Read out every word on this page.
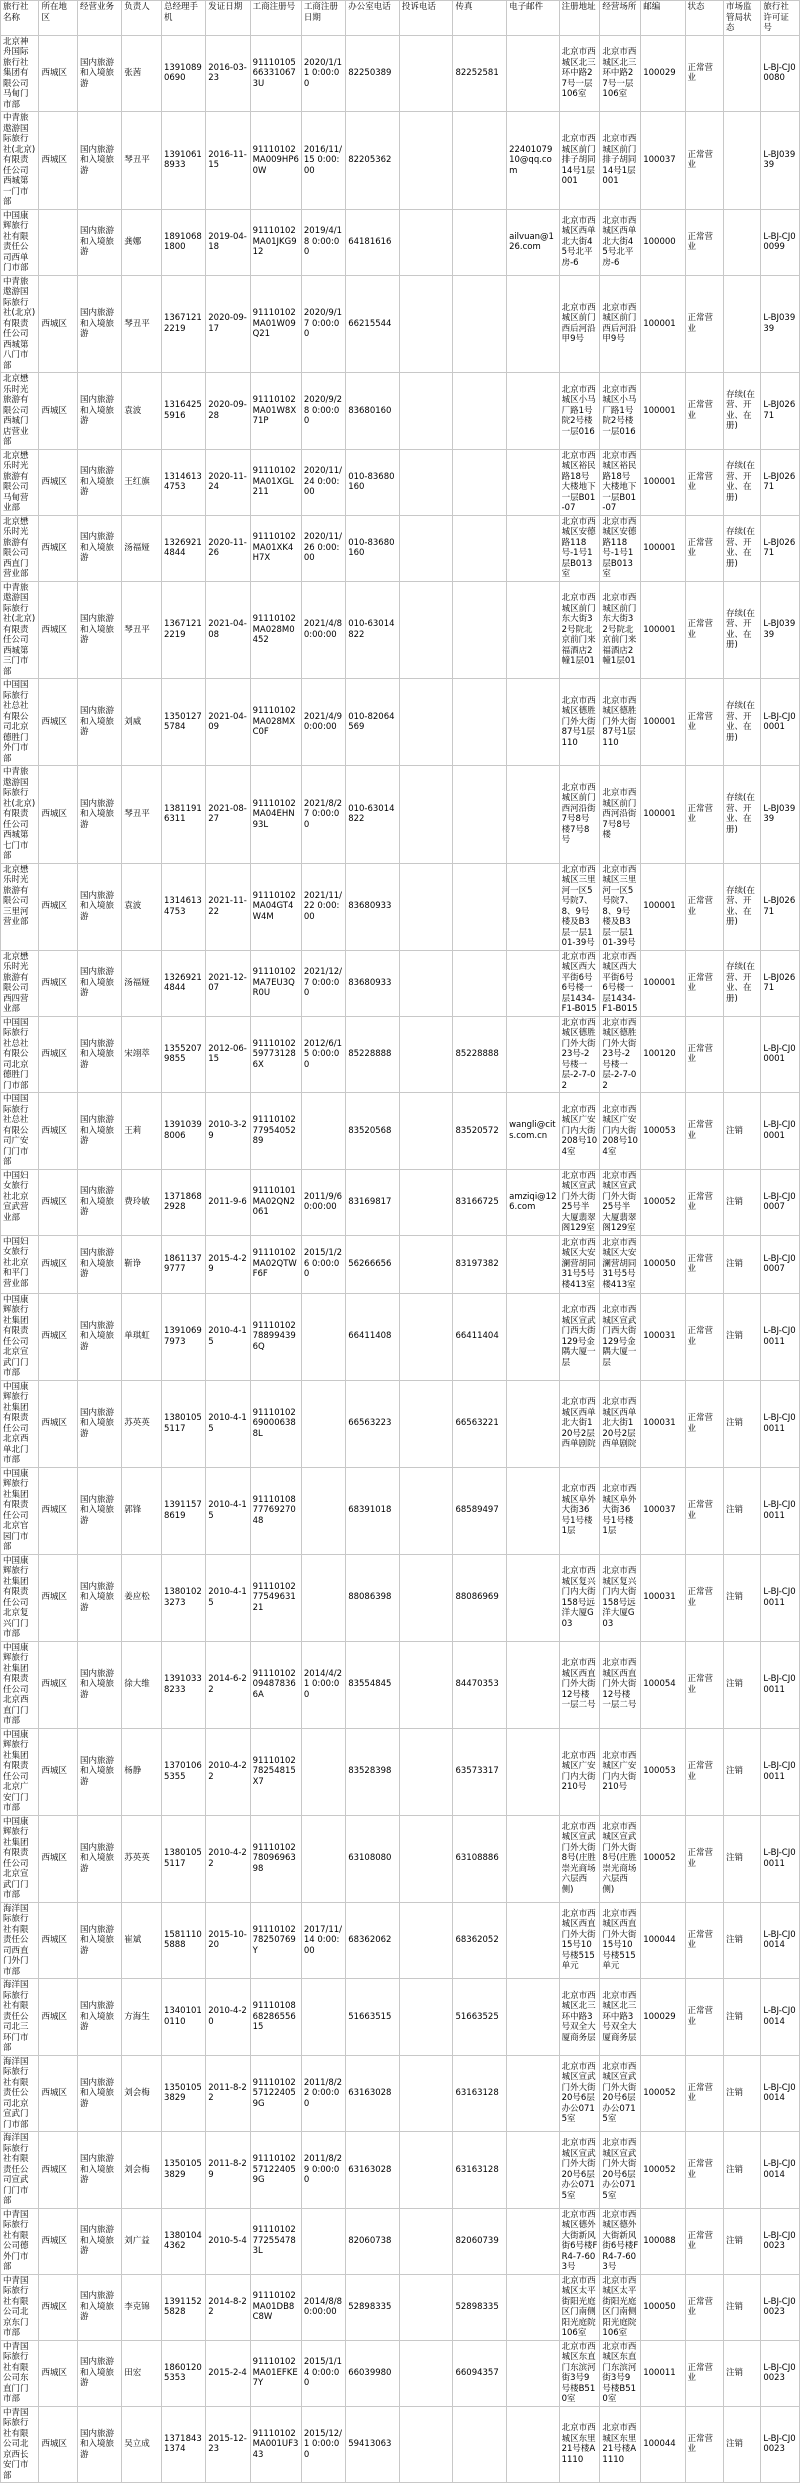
旅行社名称	所在地区	经营业务	负责人	总经理手机	发证日期	工商注册号	工商注册日期	办公室电话	投诉电话	传真	电子邮件	注册地址	经营场所	邮编	状态	市场监管局状态	旅行社许可证号
北京神舟国际旅行社集团有限公司马甸门市部	西城区	国内旅游和入境旅游	张茜	13910890690	2016-03-23	911101056633106​73U	2020/1/11 0:00:00	82250389		82252581		北京市西城区北三环中路27号一层106室	北京市西城区北三环中路27号一层106室	100029	正常营业		L-BJ-CJ00080
中青旅遨游国际旅行社(北京)有限责任公司西城第一门市部	西城区	国内旅游和入境旅游	琴丑平	13910618933	2016-11-15	91110102MA009HP60W	2016/11/15 0:00:00	82205362			2240107​910@qq.com	北京市西城区前门排子胡同14号1层001	北京市西城区前门排子胡同14号1层001	100037	正常营业		L-BJ03939
中国康辉旅行社有限责任公司西单门市部		国内旅游和入境旅游	龚娜	18910681800	2019-04-18	91110102MA01JKG912	2019/4/18 0:00:00	64181616			ailvuan@126.com	北京市西城区西单北大街45号北平房-6	北京市西城区西单北大街45号北平房-6	100000	正常营业		L-BJ-CJ00099
中青旅遨游国际旅行社(北京)有限责任公司西城第八门市部	西城区	国内旅游和入境旅游	琴丑平	13671212219	2020-09-17	91110102MA01W09Q21	2020/9/17 0:00:00	66215544				北京市西城区前门西后河沿甲9号	北京市西城区前门西后河沿甲9号	100001	正常营业		L-BJ03939
北京懋乐时光旅游有限公司西城门店营业部	西城区	国内旅游和入境旅游	袁波	13164255916	2020-09-28	91110102MA01W8X71P	2020/9/28 0:00:00	83680160				北京市西城区小马厂路1号院2号楼一层016	北京市西城区小马厂路1号院2号楼一层016	100001	正常营业	存续(在营、开业、在册)	L-BJ02671
北京懋乐时光旅游有限公司马甸营业部	西城区	国内旅游和入境旅游	王红旗	13146134753	2020-11-24	91110102MA01XGL211	2020/11/24 0:00:00	010-83680160				北京市西城区裕民路18号大楼地下一层B01-07	北京市西城区裕民路18号大楼地下一层B01-07	100001	正常营业	存续(在营、开业、在册)	L-BJ02671
北京懋乐时光旅游有限公司西直门营业部	西城区	国内旅游和入境旅游	汤福娅	13269214844	2020-11-26	91110102MA01XK4H7X	2020/11/26 0:00:00	010-83680160				北京市西城区安德路118号-1号1层B013室	北京市西城区安德路118号-1号1层B013室	100001	正常营业	存续(在营、开业、在册)	L-BJ02671
中青旅遨游国际旅行社(北京)有限责任公司西城第三门市部	西城区	国内旅游和入境旅游	琴丑平	13671212219	2021-04-08	91110102MA028M0452	2021/4/8 0:00:00	010-63014822				北京市西城区前门东大街32号院北京前门来福酒店2幢1层01	北京市西城区前门东大街32号院北京前门来福酒店2幢1层01	100001	正常营业	存续(在营、开业、在册)	L-BJ03939
中国国际旅行社总社有限公司北京德胜门外门市部	西城区	国内旅游和入境旅游	刘威	13501275784	2021-04-09	91110102MA028MXC0F	2021/4/9 0:00:00	010-82064569				北京市西城区德胜门外大街87号1层110	北京市西城区德胜门外大街87号1层110	100001	正常营业	存续(在营、开业、在册)	L-BJ-CJ00001
中青旅遨游国际旅行社(北京)有限责任公司西城第七门市部	西城区	国内旅游和入境旅游	琴丑平	13811916311	2021-08-27	91110102MA04EHN93L	2021/8/27 0:00:00	010-63014822				北京市西城区前门西河沿街7号8号楼7号8号	北京市西城区前门西河沿街7号8号楼	100001	正常营业	存续(在营、开业、在册)	L-BJ03939
北京懋乐时光旅游有限公司三里河营业部	西城区	国内旅游和入境旅游	袁波	13146134753	2021-11-22	91110102MA04GT4W4M	2021/11/22 0:00:00	83680933				北京市西城区三里河一区5号院7、8、9号楼及B3层一层101-39号	北京市西城区三里河一区5号院7、8、9号楼及B3层一层101-39号	100001	正常营业	存续(在营、开业、在册)	L-BJ02671
北京懋乐时光旅游有限公司西四营业部	西城区	国内旅游和入境旅游	汤福娅	13269214844	2021-12-07	91110102MA7EU3QR0U	2021/12/7 0:00:00	83680933				北京市西城区西大平街6号6号楼一层1434-F1-B015	北京市西城区西大平街6号6号楼一层1434-F1-B015	100001	正常营业	存续(在营、开业、在册)	L-BJ02671
中国国际旅行社总社有限公司北京德胜门门市部	西城区	国内旅游和入境旅游	宋翊萃	13552079855	2012-06-15	91110102597731286X	2012/6/15 0:00:00	85228888		85228888		北京市西城区德胜门外大街23号-2号楼一层-2-7-02	北京市西城区德胜门外大街23号-2号楼一层-2-7-02	100120	正常营业		L-BJ-CJ00001
中国国际旅行社总社有限公司广安门门市部	西城区	国内旅游和入境旅游	王莉	13910398006	2010-3-29	911101027795405289		83520568		83520572	wangli@cits.com.cn	北京市西城区广安门内大街208号104室	北京市西城区广安门内大街208号104室	100053	正常营业	注销	L-BJ-CJ00001
中国妇女旅行社北京宣武营业部	西城区	国内旅游和入境旅游	费玲敏	13718682928	2011-9-6	91110101MA02QN2061	2011/9/6 0:00:00	83169817		83166725	amziqi@126.com	北京市西城区宣武门外大街25号半大厦翡翠阁129室	北京市西城区宣武门外大街25号半大厦翡翠阁129室	100052	正常营业	注销	L-BJ-CJ00007
中国妇女旅行社北京和平门营业部	西城区	国内旅游和入境旅游	靳诤	18611379777	2015-4-29	91110102MA02QTWF6F	2015/1/26 0:00:00	56266656		83197382		北京市西城区大安澜营胡同31号5号楼413室	北京市西城区大安澜营胡同31号5号楼413室	100050	正常营业	注销	L-BJ-CJ00007
中国康辉旅行社集团有限责任公司北京宣武门门市部	西城区	国内旅游和入境旅游	单琪虹	13910697973	2010-4-15	911101027889943​96Q		66411408		66411404		北京市西城区宣武门西大街129号金隅大厦一层	北京市西城区宣武门西大街129号金隅大厦一层	100031	正常营业	注销	L-BJ-CJ00011
中国康辉旅行社集团有限责任公司北京西单北门市部	西城区	国内旅游和入境旅游	苏英英	13801055117	2010-4-15	911101026900063​88L		66563223		66563221		北京市西城区西单北大街120号2层西单剧院	北京市西城区西单北大街120号2层西单剧院	100031	正常营业	注销	L-BJ-CJ00011
中国康辉旅行社集团有限责任公司北京官园门市部	西城区	国内旅游和入境旅游	郭锋	13911578619	2010-4-15	911101087776927​048		68391018		68589497		北京市西城区阜外大街36号1号楼1层	北京市西城区阜外大街36号1号楼1层	100037	正常营业	注销	L-BJ-CJ00011
中国康辉旅行社集团有限责任公司北京复兴门门市部	西城区	国内旅游和入境旅游	姜应松	13801023273	2010-4-15	911101027754963​121		88086398		88086969		北京市西城区复兴门内大街158号远洋大厦G03	北京市西城区复兴门内大街158号远洋大厦G03	100031	正常营业	注销	L-BJ-CJ00011
中国康辉旅行社集团有限责任公司北京西直门门市部	西城区	国内旅游和入境旅游	徐大维	13910338233	2014-6-22	911101020948783​66A	2014/4/21 0:00:00	83554845		84470353		北京市西城区西直门外大街12号楼一层二号	北京市西城区西直门外大街12号楼一层二号	100054	正常营业	注销	L-BJ-CJ00011
中国康辉旅行社集团有限责任公司北京广安门门市部	西城区	国内旅游和入境旅游	杨静	13701065355	2010-4-22	91110102782548​15X7		83528398		63573317		北京市西城区广安门内大街210号	北京市西城区广安门内大街210号	100053	正常营业	注销	L-BJ-CJ00011
中国康辉旅行社集团有限责任公司北京宣武门门市部	西城区	国内旅游和入境旅游	苏英英	13801055117	2010-4-22	911101027809696​398		63108080		63108886		北京市西城区宣武门外大街8号(庄胜崇光商场六层西侧)	北京市西城区宣武门外大街8号(庄胜崇光商场六层西侧)	100052	正常营业	注销	L-BJ-CJ00011
海洋国际旅行社有限责任公司西直门外门市部	西城区	国内旅游和入境旅游	崔斌	15811105888	2015-10-20	91110102782507​69Y	2017/11/14 0:00:00	68362062		68362052		北京市西城区西直门外大街15号10号楼515单元	北京市西城区西直门外大街15号10号楼515单元	100044	正常营业	注销	L-BJ-CJ00014
海洋国际旅行社有限责任公司北三环门市部	西城区	国内旅游和入境旅游	方海生	13401010110	2010-4-20	911101086828655​615		51663515		51663525		北京市西城区北三环中路3号双全大厦商务层	北京市西城区北三环中路3号双全大厦商务层	100029	正常营业	注销	L-BJ-CJ00014
海洋国际旅行社有限责任公司北京宣武门门市部	西城区	国内旅游和入境旅游	刘会梅	13501053829	2011-8-22	91110102571224059G	2011/8/22 0:00:00	63163028		63163128		北京市西城区宣武门外大街20号6层办公0715室	北京市西城区宣武门外大街20号6层办公0715室	100052	正常营业	注销	L-BJ-CJ00014
海洋国际旅行社有限责任公司宣武门门市部	西城区	国内旅游和入境旅游	刘会梅	13501053829	2011-8-29	91110102571224059G	2011/8/29 0:00:00	63163028		63163128		北京市西城区宣武门外大街20号6层办公0715室	北京市西城区宣武门外大街20号6层办公0715室	100052	正常营业	注销	L-BJ-CJ00014
中青国际旅行社有限公司德外门市部	西城区	国内旅游和入境旅游	刘广益	13801044362	2010-5-4	911101027725547​83L		82060738		82060739		北京市西城区德外大街新风街6号楼FR4-7-603号	北京市西城区德外大街新风街6号楼FR4-7-603号	100088	正常营业	注销	L-BJ-CJ00023
中青国际旅行社有限公司北京东门市部	西城区	国内旅游和入境旅游	李克锦	13911525828	2014-8-22	91110102MA01DB8C8W	2014/8/8 0:00:00	52898335		52898335		北京市西城区太平街阳光庭区门南侧阳光庭院106室	北京市西城区太平街阳光庭区门南侧阳光庭院106室	100050	正常营业	注销	L-BJ-CJ00023
中青国际旅行社有限公司东直门门市部	西城区	国内旅游和入境旅游	田宏	18601205353	2015-2-4	91110102MA01EFKE7Y	2015/1/14 0:00:00	66039980		66094357		北京市西城区东直门东滨河街3号9号楼B510室	北京市西城区东直门东滨河街3号9号楼B510室	100011	正常营业	注销	L-BJ-CJ00023
中青国际旅行社有限公司北京西长安门市部	西城区	国内旅游和入境旅游	吴立成	13718431374	2015-12-23	91110102MA001UF343	2015/12/1 0:00:00	59413063				北京市西城区东里21号楼A1110	北京市西城区东里21号楼A1110	100044	正常营业	注销	L-BJ-CJ00023
